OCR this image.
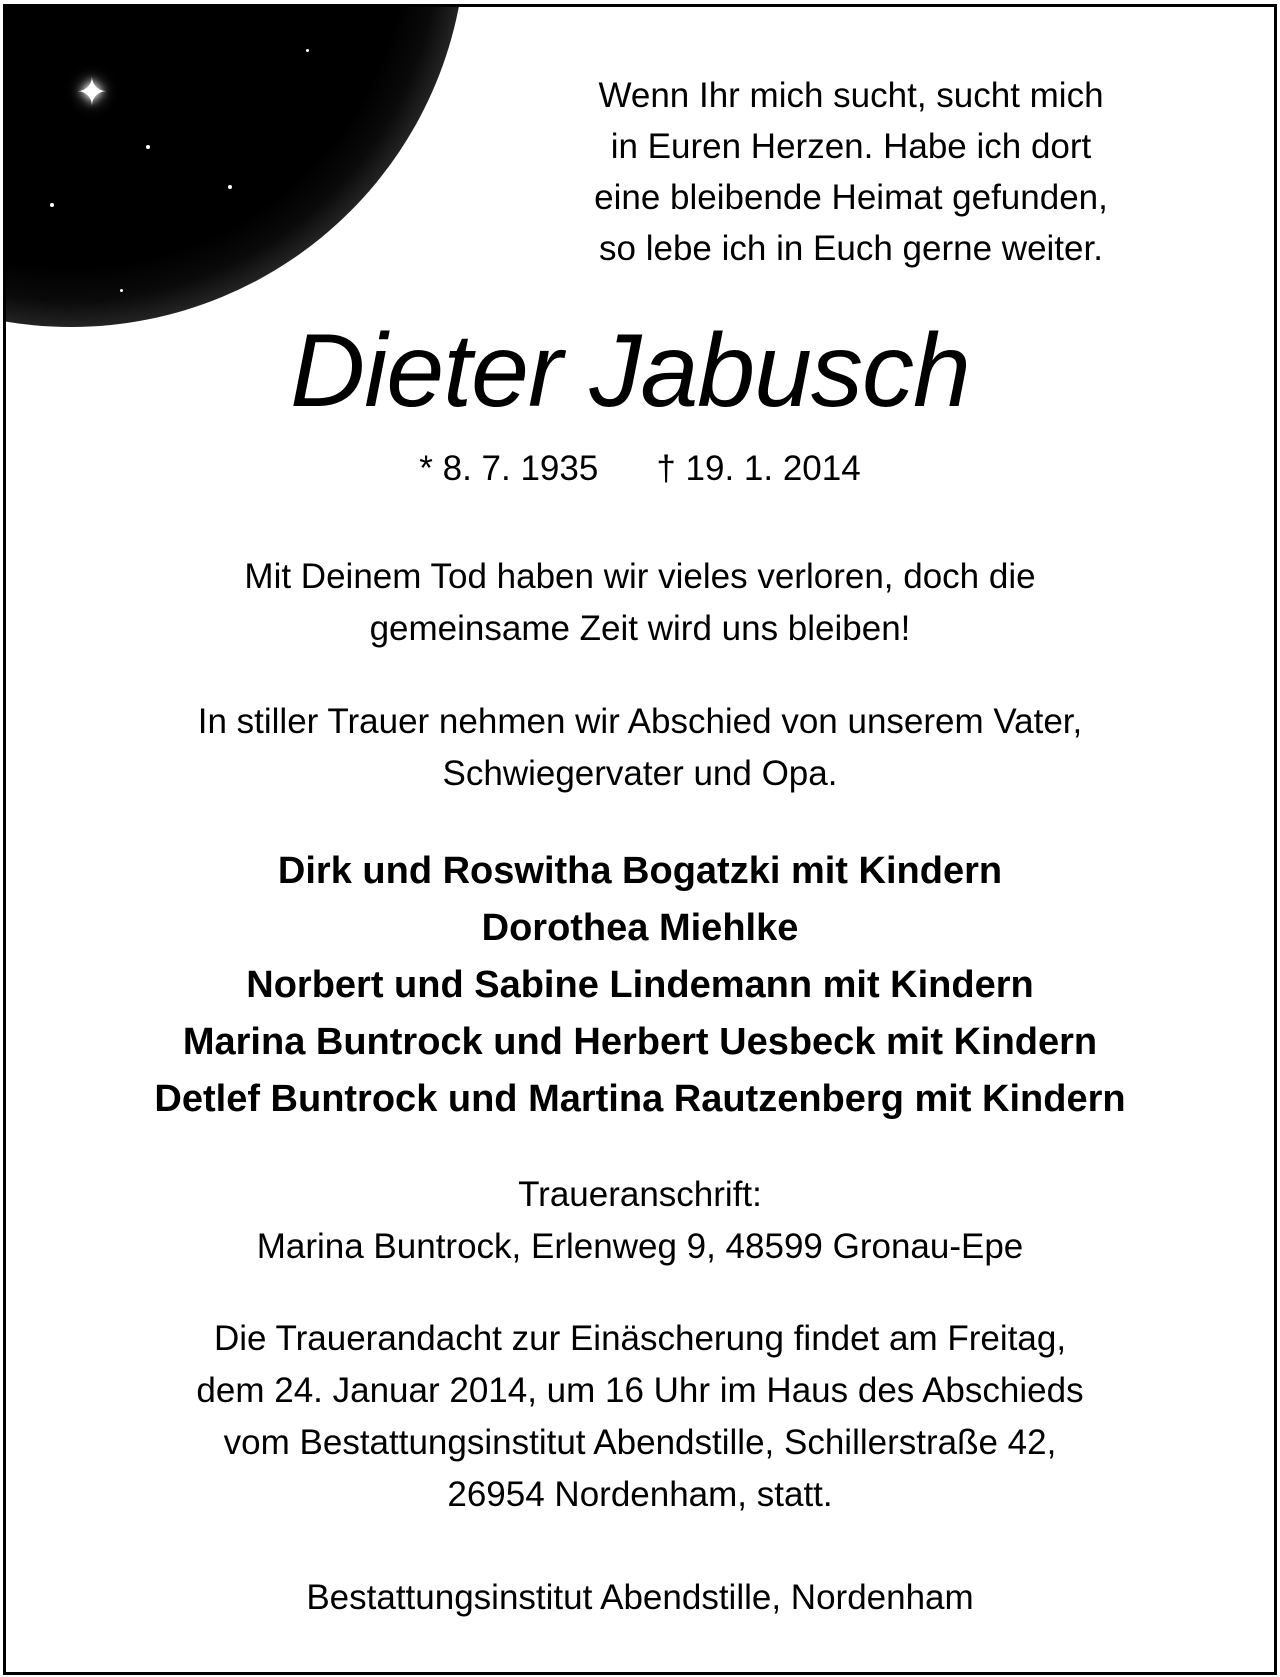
✦	Wenn Ihr mich sucht, sucht mich
in Euren Herzen. Habe ich dort
eine bleibende Heimat gefunden,
so lebe ich in Euch gerne weiter.
Dieter Jabusch
* 8. 7. 1935 † 19. 1. 2014
Mit Deinem Tod haben wir vieles verloren, doch die
gemeinsame Zeit wird uns bleiben!
In stiller Trauer nehmen wir Abschied von unserem Vater,
Schwiegervater und Opa.
Dirk und Roswitha Bogatzki mit Kindern
Dorothea Miehlke
Norbert und Sabine Lindemann mit Kindern
Marina Buntrock und Herbert Uesbeck mit Kindern
Detlef Buntrock und Martina Rautzenberg mit Kindern
Traueranschrift:
Marina Buntrock, Erlenweg 9, 48599 Gronau-Epe
Die Trauerandacht zur Einäscherung findet am Freitag,
dem 24. Januar 2014, um 16 Uhr im Haus des Abschieds
vom Bestattungsinstitut Abendstille, Schillerstraße 42,
26954 Nordenham, statt.
Bestattungsinstitut Abendstille, Nordenham
